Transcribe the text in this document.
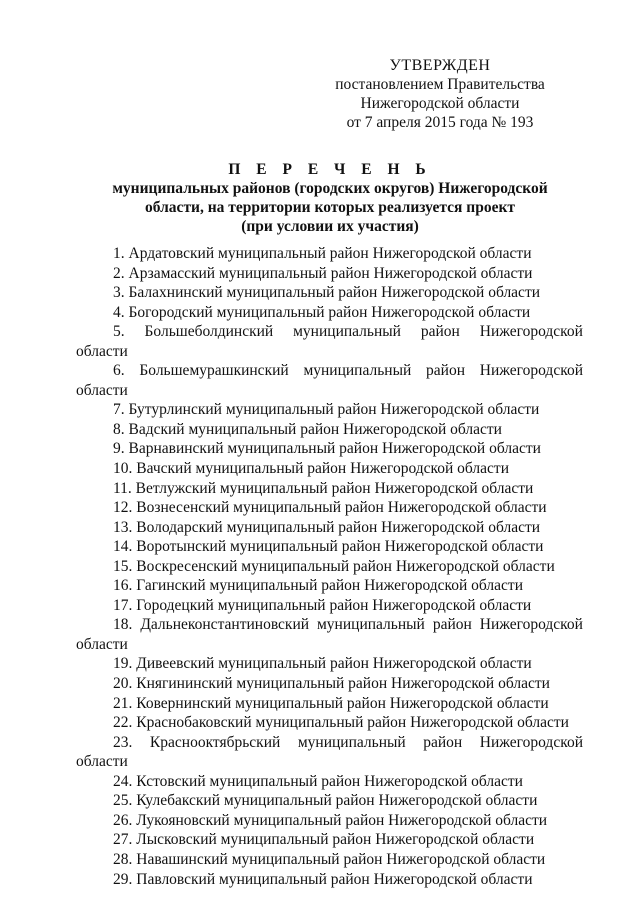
УТВЕРЖДЕН
постановлением Правительства
Нижегородской области
от 7 апреля 2015 года № 193
П Е Р Е Ч Е Н Ь
муниципальных районов (городских округов) Нижегородской
области, на территории которых реализуется проект
(при условии их участия)
1. Ардатовский муниципальный район Нижегородской области
2. Арзамасский муниципальный район Нижегородской области
3. Балахнинский муниципальный район Нижегородской области
4. Богородский муниципальный район Нижегородской области
5. Большеболдинский муниципальный район Нижегородской
области
6. Большемурашкинский муниципальный район Нижегородской
области
7. Бутурлинский муниципальный район Нижегородской области
8. Вадский муниципальный район Нижегородской области
9. Варнавинский муниципальный район Нижегородской области
10. Вачский муниципальный район Нижегородской области
11. Ветлужский муниципальный район Нижегородской области
12. Вознесенский муниципальный район Нижегородской области
13. Володарский муниципальный район Нижегородской области
14. Воротынский муниципальный район Нижегородской области
15. Воскресенский муниципальный район Нижегородской области
16. Гагинский муниципальный район Нижегородской области
17. Городецкий муниципальный район Нижегородской области
18. Дальнеконстантиновский муниципальный район Нижегородской
области
19. Дивеевский муниципальный район Нижегородской области
20. Княгининский муниципальный район Нижегородской области
21. Ковернинский муниципальный район Нижегородской области
22. Краснобаковский муниципальный район Нижегородской области
23. Краснооктябрьский муниципальный район Нижегородской
области
24. Кстовский муниципальный район Нижегородской области
25. Кулебакский муниципальный район Нижегородской области
26. Лукояновский муниципальный район Нижегородской области
27. Лысковский муниципальный район Нижегородской области
28. Навашинский муниципальный район Нижегородской области
29. Павловский муниципальный район Нижегородской области
